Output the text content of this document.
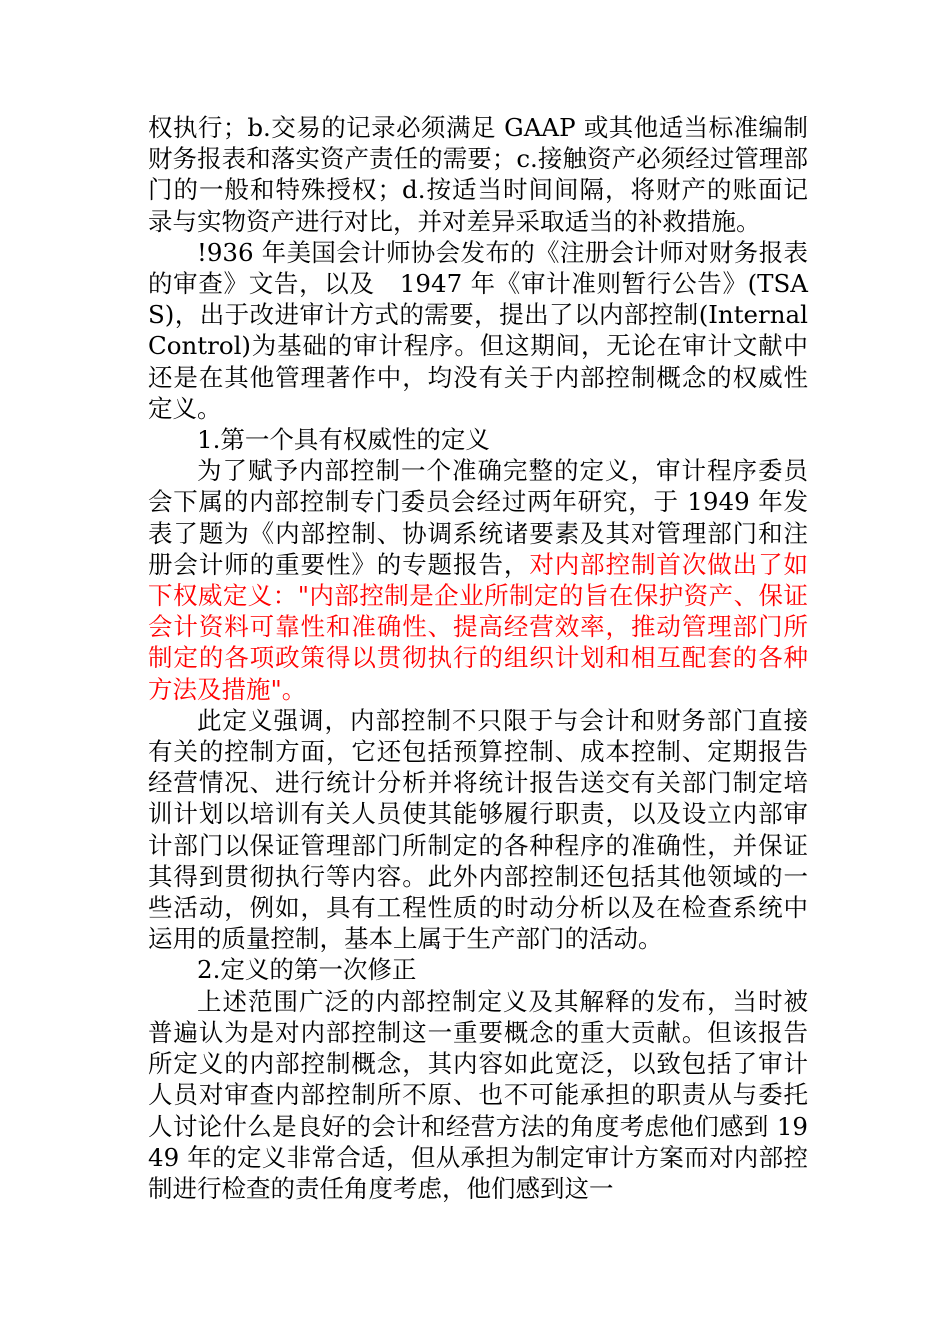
权执行；b.交易的记录必须满足 GAAP 或其他适当标准编制财务报表和落实资产责任的需要；c.接触资产必须经过管理部门的一般和特殊授权；d.按适当时间间隔，将财产的账面记录与实物资产进行对比，并对差异采取适当的补救措施。

!936 年美国会计师协会发布的《注册会计师对财务报表的审查》文告，以及　1947 年《审计准则暂行公告》(TSAS)，出于改进审计方式的需要，提出了以内部控制(Internal Control)为基础的审计程序。但这期间，无论在审计文献中还是在其他管理著作中，均没有关于内部控制概念的权威性定义。

1.第一个具有权威性的定义

为了赋予内部控制一个准确完整的定义，审计程序委员会下属的内部控制专门委员会经过两年研究，于 1949 年发表了题为《内部控制、协调系统诸要素及其对管理部门和注册会计师的重要性》的专题报告，对内部控制首次做出了如下权威定义："内部控制是企业所制定的旨在保护资产、保证会计资料可靠性和准确性、提高经营效率，推动管理部门所制定的各项政策得以贯彻执行的组织计划和相互配套的各种方法及措施"。

此定义强调，内部控制不只限于与会计和财务部门直接有关的控制方面，它还包括预算控制、成本控制、定期报告经营情况、进行统计分析并将统计报告送交有关部门制定培训计划以培训有关人员使其能够履行职责，以及设立内部审计部门以保证管理部门所制定的各种程序的准确性，并保证其得到贯彻执行等内容。此外内部控制还包括其他领域的一些活动，例如，具有工程性质的时动分析以及在检查系统中运用的质量控制，基本上属于生产部门的活动。

2.定义的第一次修正

上述范围广泛的内部控制定义及其解释的发布，当时被普遍认为是对内部控制这一重要概念的重大贡献。但该报告所定义的内部控制概念，其内容如此宽泛，以致包括了审计人员对审查内部控制所不原、也不可能承担的职责从与委托人讨论什么是良好的会计和经营方法的角度考虑他们感到 1949 年的定义非常合适，但从承担为制定审计方案而对内部控制进行检查的责任角度考虑，他们感到这一
